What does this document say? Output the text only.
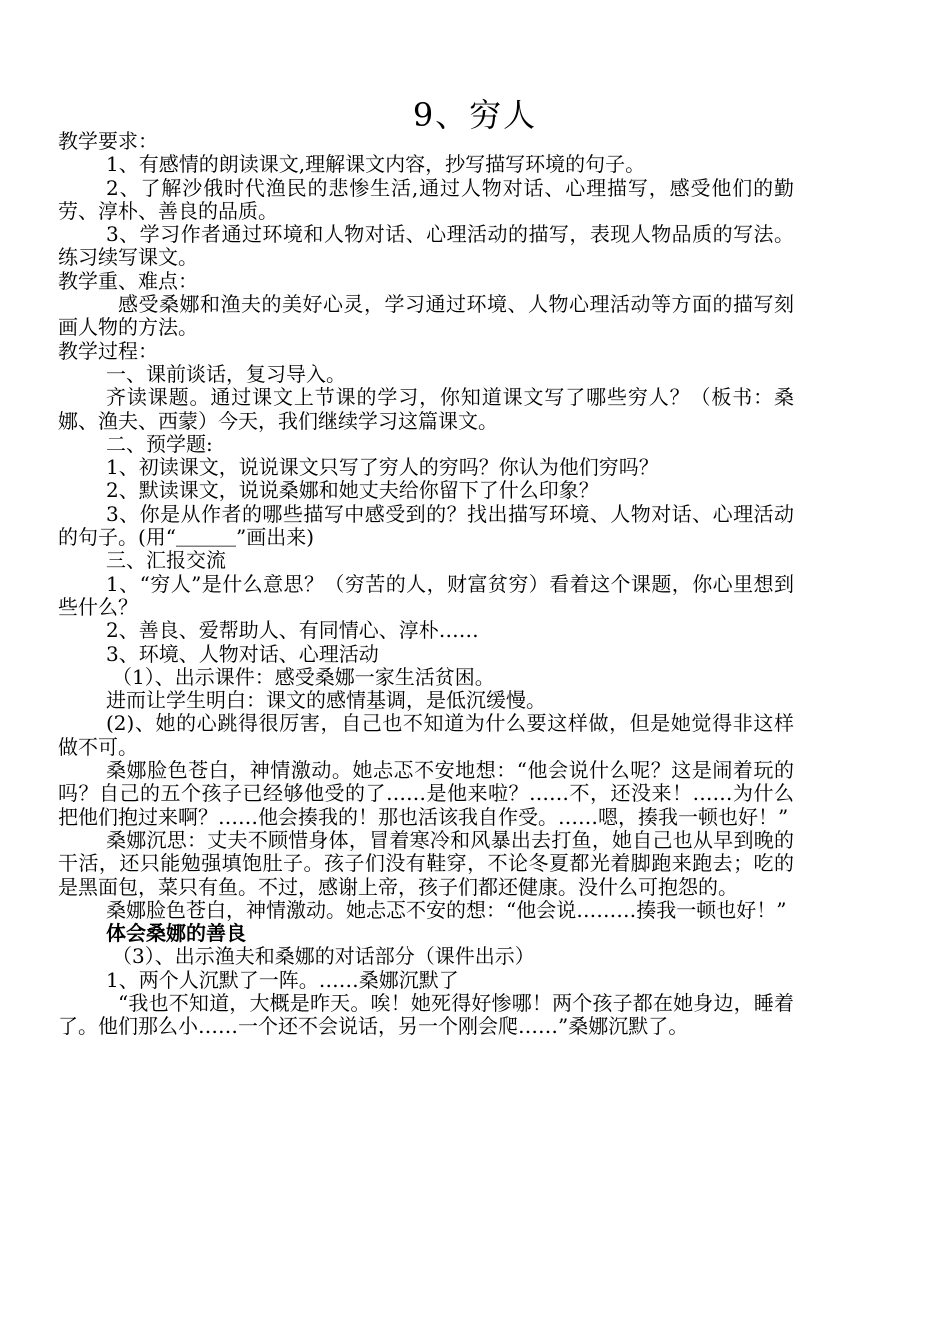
9、穷人

教学要求：

1、有感情的朗读课文,理解课文内容，抄写描写环境的句子。

2、了解沙俄时代渔民的悲惨生活,通过人物对话、心理描写，感受他们的勤劳、淳朴、善良的品质。

3、学习作者通过环境和人物对话、心理活动的描写，表现人物品质的写法。练习续写课文。

教学重、难点：

感受桑娜和渔夫的美好心灵，学习通过环境、人物心理活动等方面的描写刻画人物的方法。

教学过程：

一、课前谈话，复习导入。

齐读课题。通过课文上节课的学习，你知道课文写了哪些穷人？（板书：桑娜、渔夫、西蒙）今天，我们继续学习这篇课文。

二、预学题:

1、初读课文，说说课文只写了穷人的穷吗？你认为他们穷吗？

2、默读课文，说说桑娜和她丈夫给你留下了什么印象？

3、你是从作者的哪些描写中感受到的？找出描写环境、人物对话、心理活动的句子。(用“＿＿＿”画出来)

三、汇报交流

1、“穷人”是什么意思？（穷苦的人，财富贫穷）看着这个课题，你心里想到些什么？

2、善良、爱帮助人、有同情心、淳朴……

3、环境、人物对话、心理活动

（1）、出示课件：感受桑娜一家生活贫困。

进而让学生明白：课文的感情基调，是低沉缓慢。

(2)、她的心跳得很厉害，自己也不知道为什么要这样做，但是她觉得非这样做不可。

桑娜脸色苍白，神情激动。她忐忑不安地想：“他会说什么呢？这是闹着玩的吗？自己的五个孩子已经够他受的了……是他来啦？……不，还没来！……为什么把他们抱过来啊？……他会揍我的！那也活该我自作受。……嗯，揍我一顿也好！”

桑娜沉思：丈夫不顾惜身体，冒着寒冷和风暴出去打鱼，她自己也从早到晚的干活，还只能勉强填饱肚子。孩子们没有鞋穿，不论冬夏都光着脚跑来跑去；吃的是黑面包，菜只有鱼。不过，感谢上帝，孩子们都还健康。没什么可抱怨的。

桑娜脸色苍白，神情激动。她忐忑不安的想：“他会说………揍我一顿也好！”

体会桑娜的善良

（3）、出示渔夫和桑娜的对话部分（课件出示）

1、两个人沉默了一阵。……桑娜沉默了

“我也不知道，大概是昨天。唉！她死得好惨哪！两个孩子都在她身边，睡着了。他们那么小……一个还不会说话，另一个刚会爬……”桑娜沉默了。
